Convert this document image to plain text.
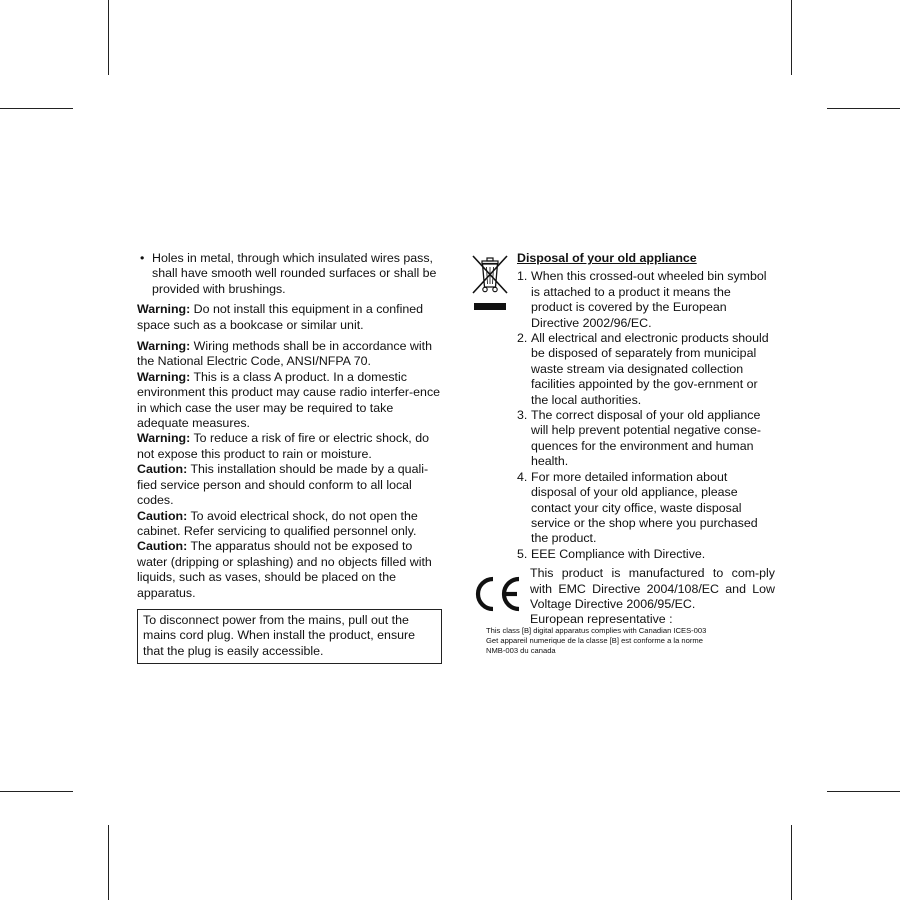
• Holes in metal, through which insulated wires pass, shall have smooth well rounded surfaces or shall be provided with brushings.

Warning: Do not install this equipment in a confined space such as a bookcase or similar unit.

Warning: Wiring methods shall be in accordance with the National Electric Code, ANSI/NFPA 70.

Warning: This is a class A product. In a domestic environment this product may cause radio interfer-ence in which case the user may be required to take adequate measures.

Warning: To reduce a risk of fire or electric shock, do not expose this product to rain or moisture.

Caution: This installation should be made by a quali-fied service person and should conform to all local codes.

Caution: To avoid electrical shock, do not open the cabinet. Refer servicing to qualified personnel only.

Caution: The apparatus should not be exposed to water (dripping or splashing) and no objects filled with liquids, such as vases, should be placed on the apparatus.

To disconnect power from the mains, pull out the mains cord plug. When install the product, ensure that the plug is easily accessible.
Disposal of your old appliance
1. When this crossed-out wheeled bin symbol is attached to a product it means the product is covered by the European Directive 2002/96/EC.
2. All electrical and electronic products should be disposed of separately from municipal waste stream via designated collection facilities appointed by the gov-ernment or the local authorities.
3. The correct disposal of your old appliance will help prevent potential negative conse-quences for the environment and human health.
4. For more detailed information about disposal of your old appliance, please contact your city office, waste disposal service or the shop where you purchased the product.
5. EEE Compliance with Directive.
This product is manufactured to com-ply with EMC Directive 2004/108/EC and Low Voltage Directive 2006/95/EC.
European representative :
This class [B] digital apparatus complies with Canadian ICES-003
Get appareil numerique de la classe [B] est conforme a la norme
NMB-003 du canada
